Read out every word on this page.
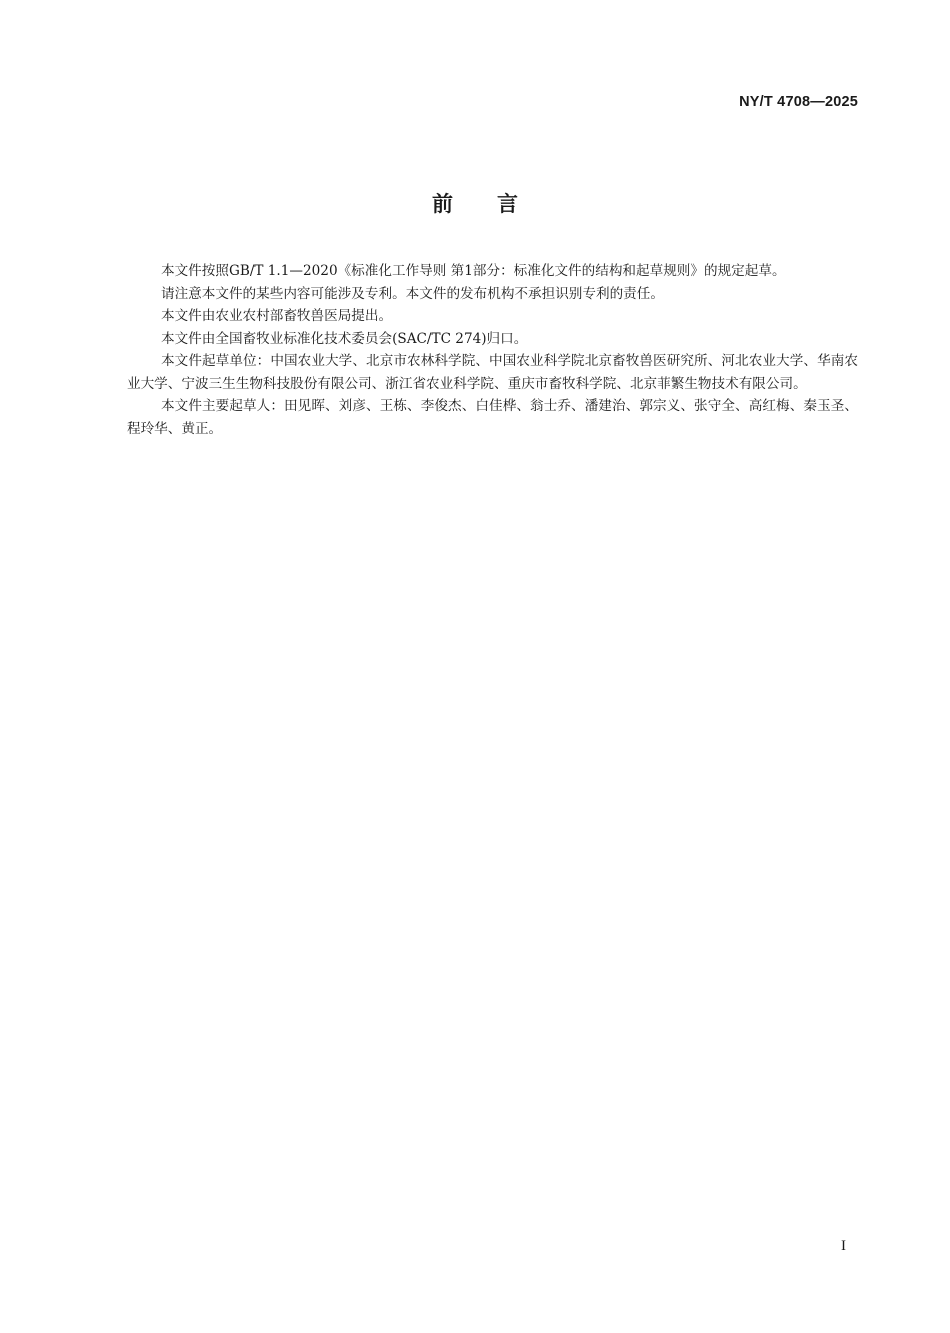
NY/T 4708—2025
前言

本文件按照GB/T 1.1—2020《标准化工作导则 第1部分：标准化文件的结构和起草规则》的规定起草。

请注意本文件的某些内容可能涉及专利。本文件的发布机构不承担识别专利的责任。

本文件由农业农村部畜牧兽医局提出。

本文件由全国畜牧业标准化技术委员会(SAC/TC 274)归口。

本文件起草单位：中国农业大学、北京市农林科学院、中国农业科学院北京畜牧兽医研究所、河北农业大学、华南农业大学、宁波三生生物科技股份有限公司、浙江省农业科学院、重庆市畜牧科学院、北京菲繁生物技术有限公司。

本文件主要起草人：田见晖、刘彦、王栋、李俊杰、白佳桦、翁士乔、潘建治、郭宗义、张守全、高红梅、秦玉圣、程玲华、黄正。

I
